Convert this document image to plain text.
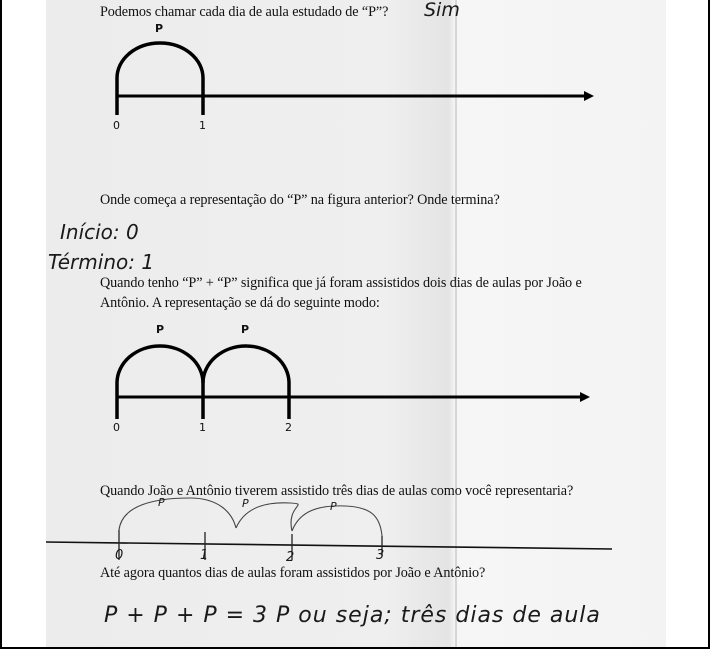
Podemos chamar cada dia de aula estudado de “P”? Sim
P
0	1
Onde começa a representação do “P” na figura anterior? Onde termina?
Início: 0
Término: 1
Quando tenho “P” + “P” significa que já foram assistidos dois dias de aulas por João e
Antônio. A representação se dá do seguinte modo:
P	P
0	1	2
Quando João e Antônio tiverem assistido três dias de aulas como você representaria?
P	P	P
0	1	2	3
Até agora quantos dias de aulas foram assistidos por João e Antônio?
P + P + P = 3 P ou seja; três dias de aula
